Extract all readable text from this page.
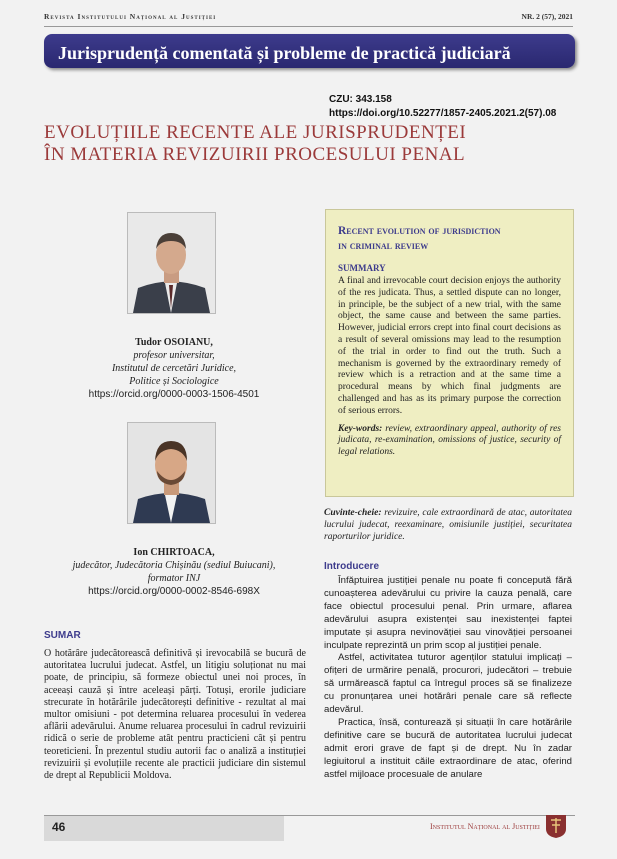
Revista Institutului Național al Justiției	NR. 2 (57), 2021
Jurisprudență comentată și probleme de practică judiciară
CZU: 343.158
https://doi.org/10.52277/1857-2405.2021.2(57).08
EVOLUȚIILE RECENTE ALE JURISPRUDENȚEI
ÎN MATERIA REVIZUIRII PROCESULUI PENAL
Tudor OSOIANU,
profesor universitar,
Institutul de cercetări Juridice,
Politice și Sociologice
https://orcid.org/0000-0003-1506-4501
Ion CHIRTOACA,
judecător, Judecătoria Chișinău (sediul Buiucani),
formator INJ
https://orcid.org/0000-0002-8546-698X
Recent evolution of jurisdiction
in criminal review
SUMMARY
A final and irrevocable court decision enjoys the authority of the res judicata. Thus, a settled dispute can no longer, in principle, be the subject of a new trial, with the same object, the same cause and between the same parties. However, judicial errors crept into final court decisions as a result of several omissions may lead to the resumption of the trial in order to find out the truth. Such a mechanism is governed by the extraordinary remedy of review which is a retraction and at the same time a procedural means by which final judgments are challenged and has as its primary purpose the correction of serious errors.
Key-words: review, extraordinary appeal, authority of res judicata, re-examination, omissions of justice, security of legal relations.
Cuvinte-cheie: revizuire, cale extraordinară de atac, autoritatea lucrului judecat, reexaminare, omisiunile justiției, securitatea raporturilor juridice.
SUMAR
O hotărâre judecătorească definitivă și irevocabilă se bucură de autoritatea lucrului judecat. Astfel, un litigiu soluționat nu mai poate, de principiu, să formeze obiectul unei noi proces, în aceeași cauză și între aceleași părți. Totuși, erorile judiciare strecurate în hotărârile judecătorești definitive - rezultat al mai multor omisiuni - pot determina reluarea procesului în vederea aflării adevărului. Anume reluarea procesului în cadrul revizuirii ridică o serie de probleme atât pentru practicieni cât și pentru teoreticieni. În prezentul studiu autorii fac o analiză a instituției revizuirii și evoluțiile recente ale practicii judiciare din sistemul de drept al Republicii Moldova.
Introducere

Înfăptuirea justiției penale nu poate fi concepută fără cunoașterea adevărului cu privire la cauza penală, care face obiectul procesului penal. Prin urmare, aflarea adevărului asupra existenței sau inexistenței faptei imputate și asupra nevinovăției sau vinovăției persoanei inculpate reprezintă un prim scop al justiției penale.

Astfel, activitatea tuturor agenților statului implicați – ofițeri de urmărire penală, procurori, judecători – trebuie să urmărească faptul ca întregul proces să se finalizeze cu pronunțarea unei hotărâri penale care să reflecte adevărul.

Practica, însă, conturează și situații în care hotărârile definitive care se bucură de autoritatea lucrului judecat admit erori grave de fapt și de drept. Nu în zadar legiuitorul a instituit căile extraordinare de atac, oferind astfel mijloace procesuale de anulare

46	Institutul Național al Justiției
